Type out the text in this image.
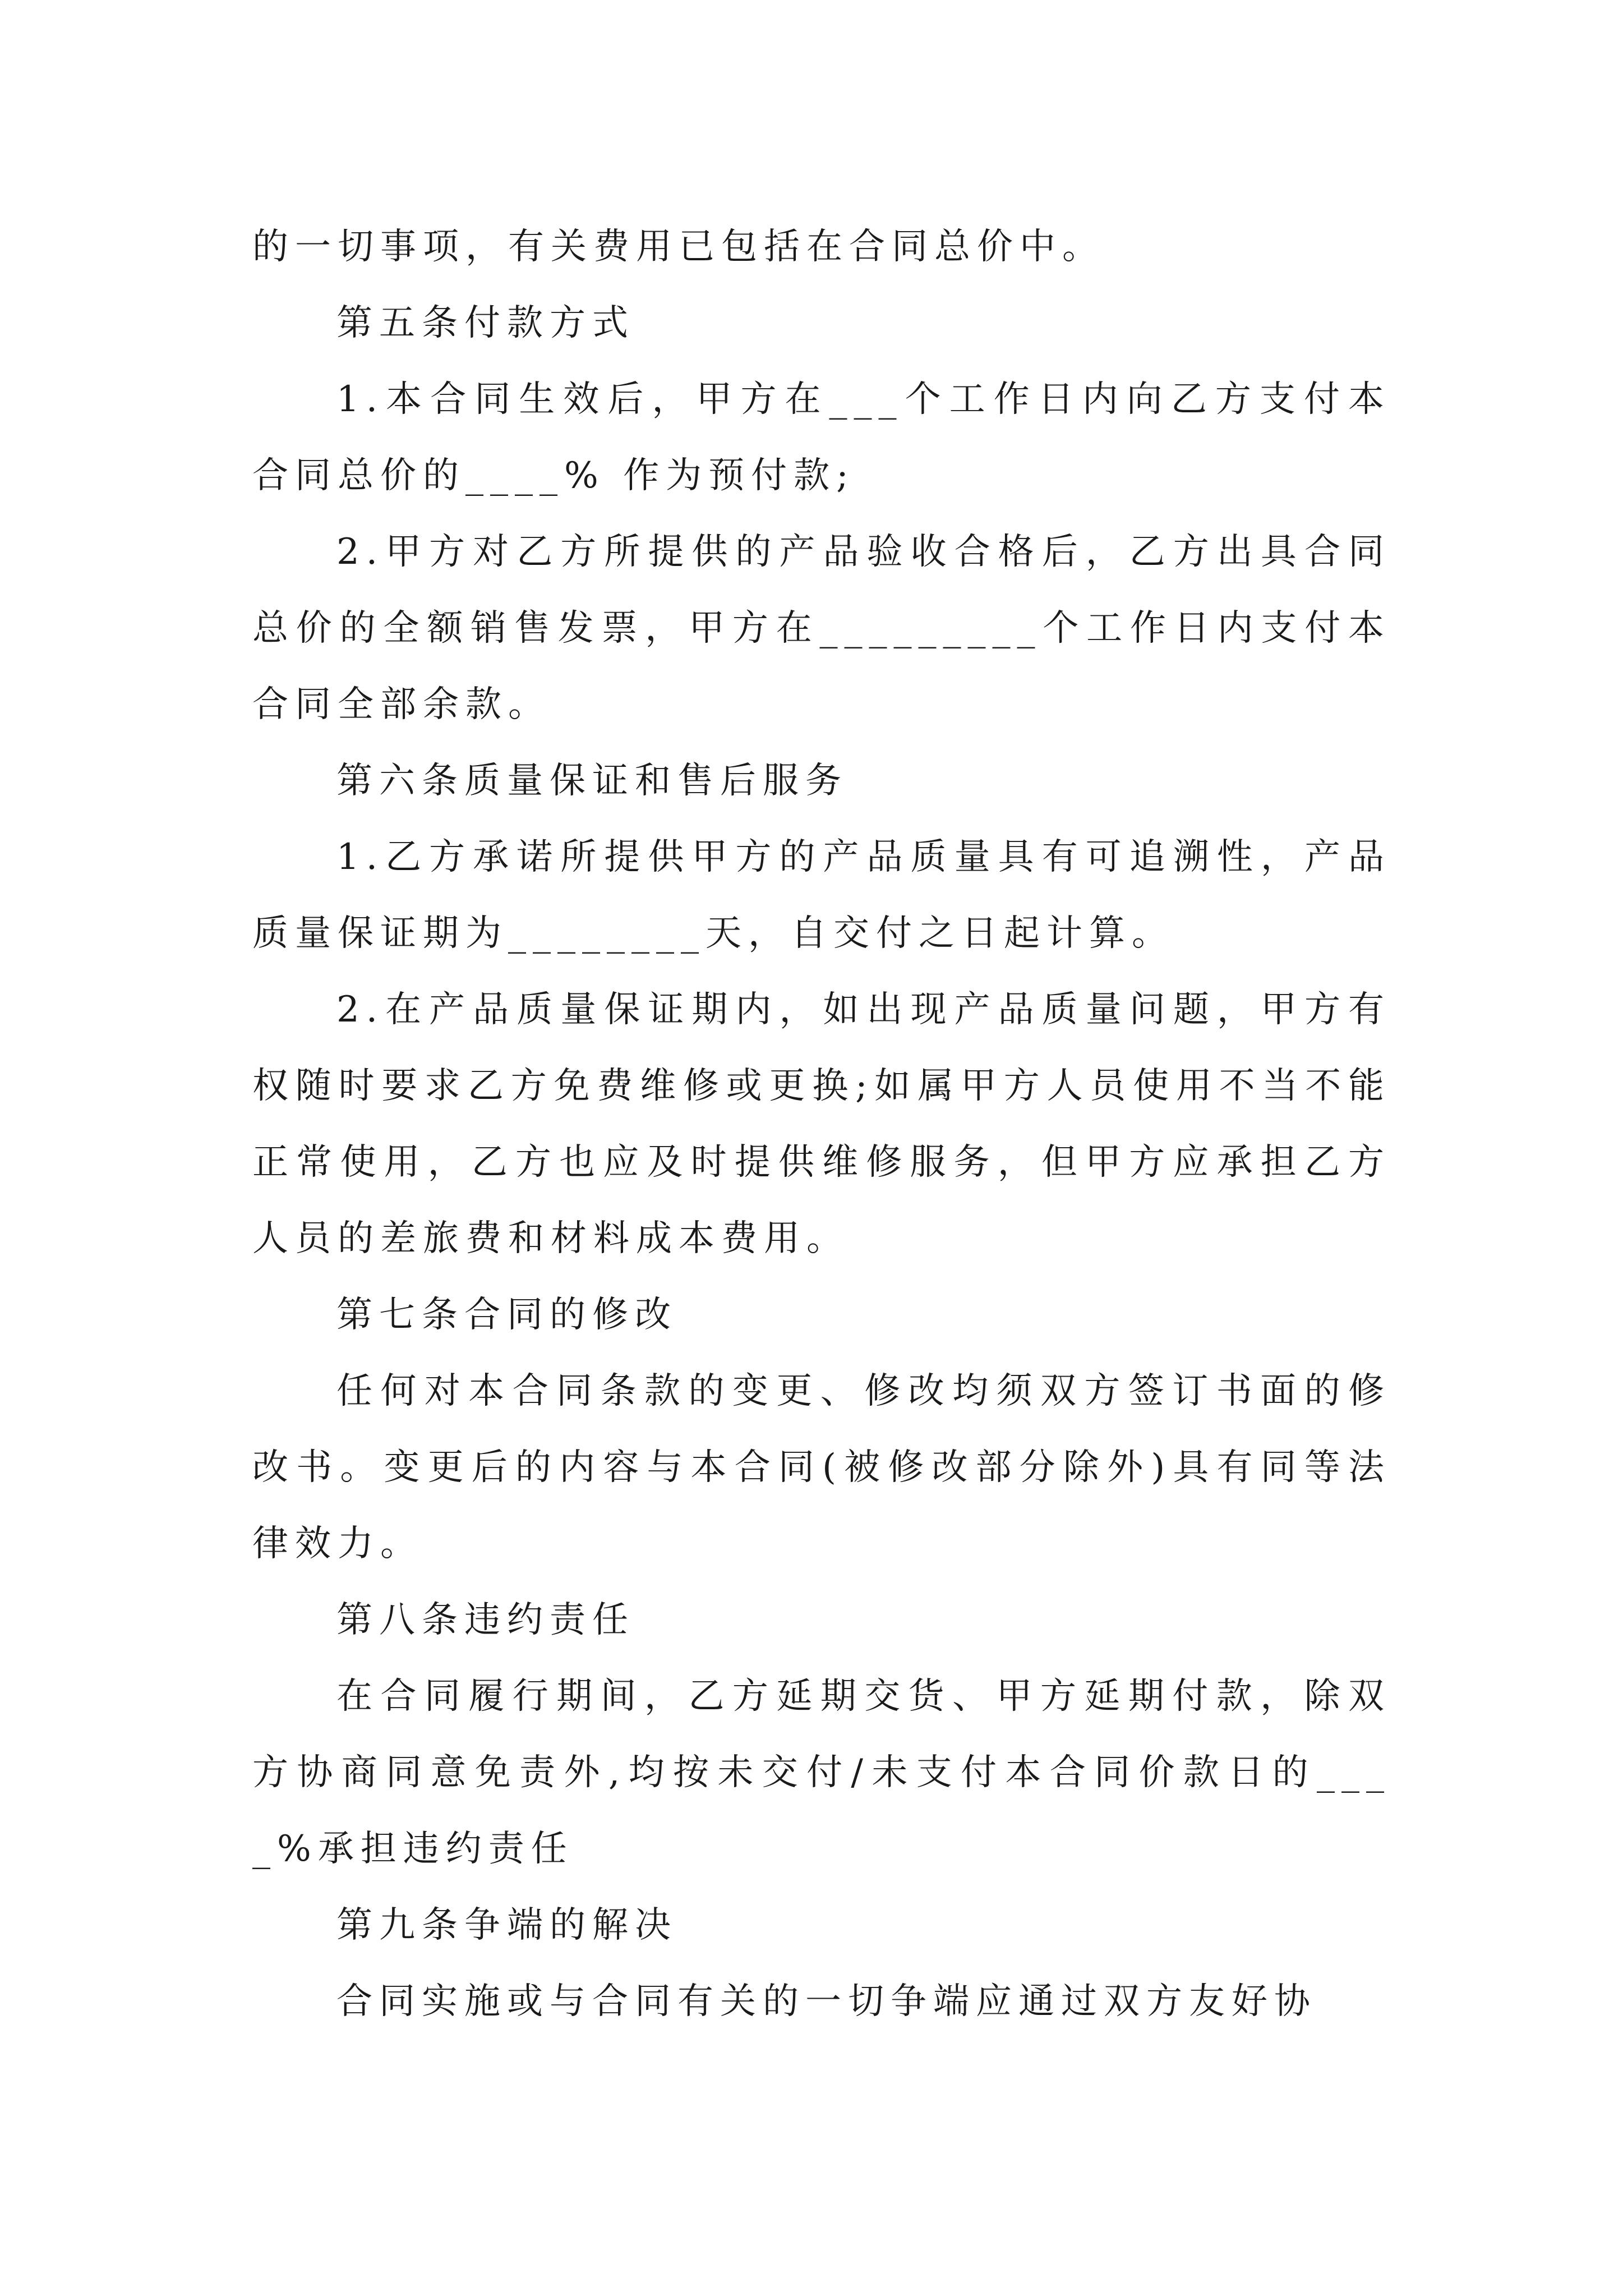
的一切事项，有关费用已包括在合同总价中。

第五条付款方式

1.本合同生效后，甲方在___个工作日内向乙方支付本合同总价的____% 作为预付款;

2.甲方对乙方所提供的产品验收合格后，乙方出具合同总价的全额销售发票，甲方在_________个工作日内支付本合同全部余款。

第六条质量保证和售后服务

1.乙方承诺所提供甲方的产品质量具有可追溯性，产品质量保证期为________天，自交付之日起计算。

2.在产品质量保证期内，如出现产品质量问题，甲方有权随时要求乙方免费维修或更换;如属甲方人员使用不当不能正常使用，乙方也应及时提供维修服务，但甲方应承担乙方人员的差旅费和材料成本费用。

第七条合同的修改

任何对本合同条款的变更、修改均须双方签订书面的修改书。变更后的内容与本合同(被修改部分除外)具有同等法律效力。

第八条违约责任

在合同履行期间，乙方延期交货、甲方延期付款，除双方协商同意免责外,均按未交付/未支付本合同价款日的____%承担违约责任

第九条争端的解决

合同实施或与合同有关的一切争端应通过双方友好协
